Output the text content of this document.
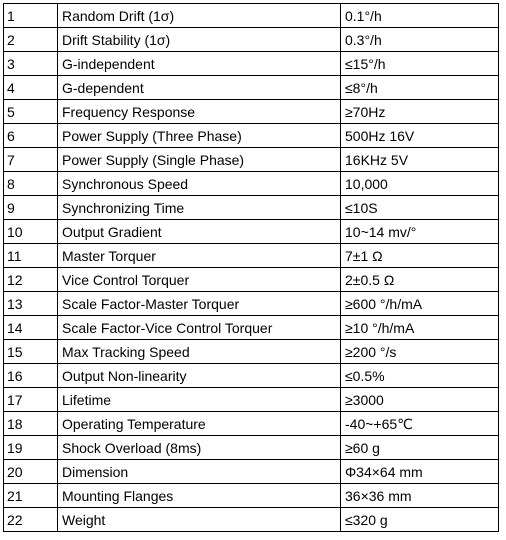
1	Random Drift (1σ)	0.1°/h
2	Drift Stability (1σ)	0.3°/h
3	G-independent	≤15°/h
4	G-dependent	≤8°/h
5	Frequency Response	≥70Hz
6	Power Supply (Three Phase)	500Hz 16V
7	Power Supply (Single Phase)	16KHz 5V
8	Synchronous Speed	10,000
9	Synchronizing Time	≤10S
10	Output Gradient	10~14 mv/°
11	Master Torquer	7±1 Ω
12	Vice Control Torquer	2±0.5 Ω
13	Scale Factor-Master Torquer	≥600 °/h/mA
14	Scale Factor-Vice Control Torquer	≥10 °/h/mA
15	Max Tracking Speed	≥200 °/s
16	Output Non-linearity	≤0.5%
17	Lifetime	≥3000
18	Operating Temperature	-40~+65℃
19	Shock Overload (8ms)	≥60 g
20	Dimension	Φ34×64 mm
21	Mounting Flanges	36×36 mm
22	Weight	≤320 g
